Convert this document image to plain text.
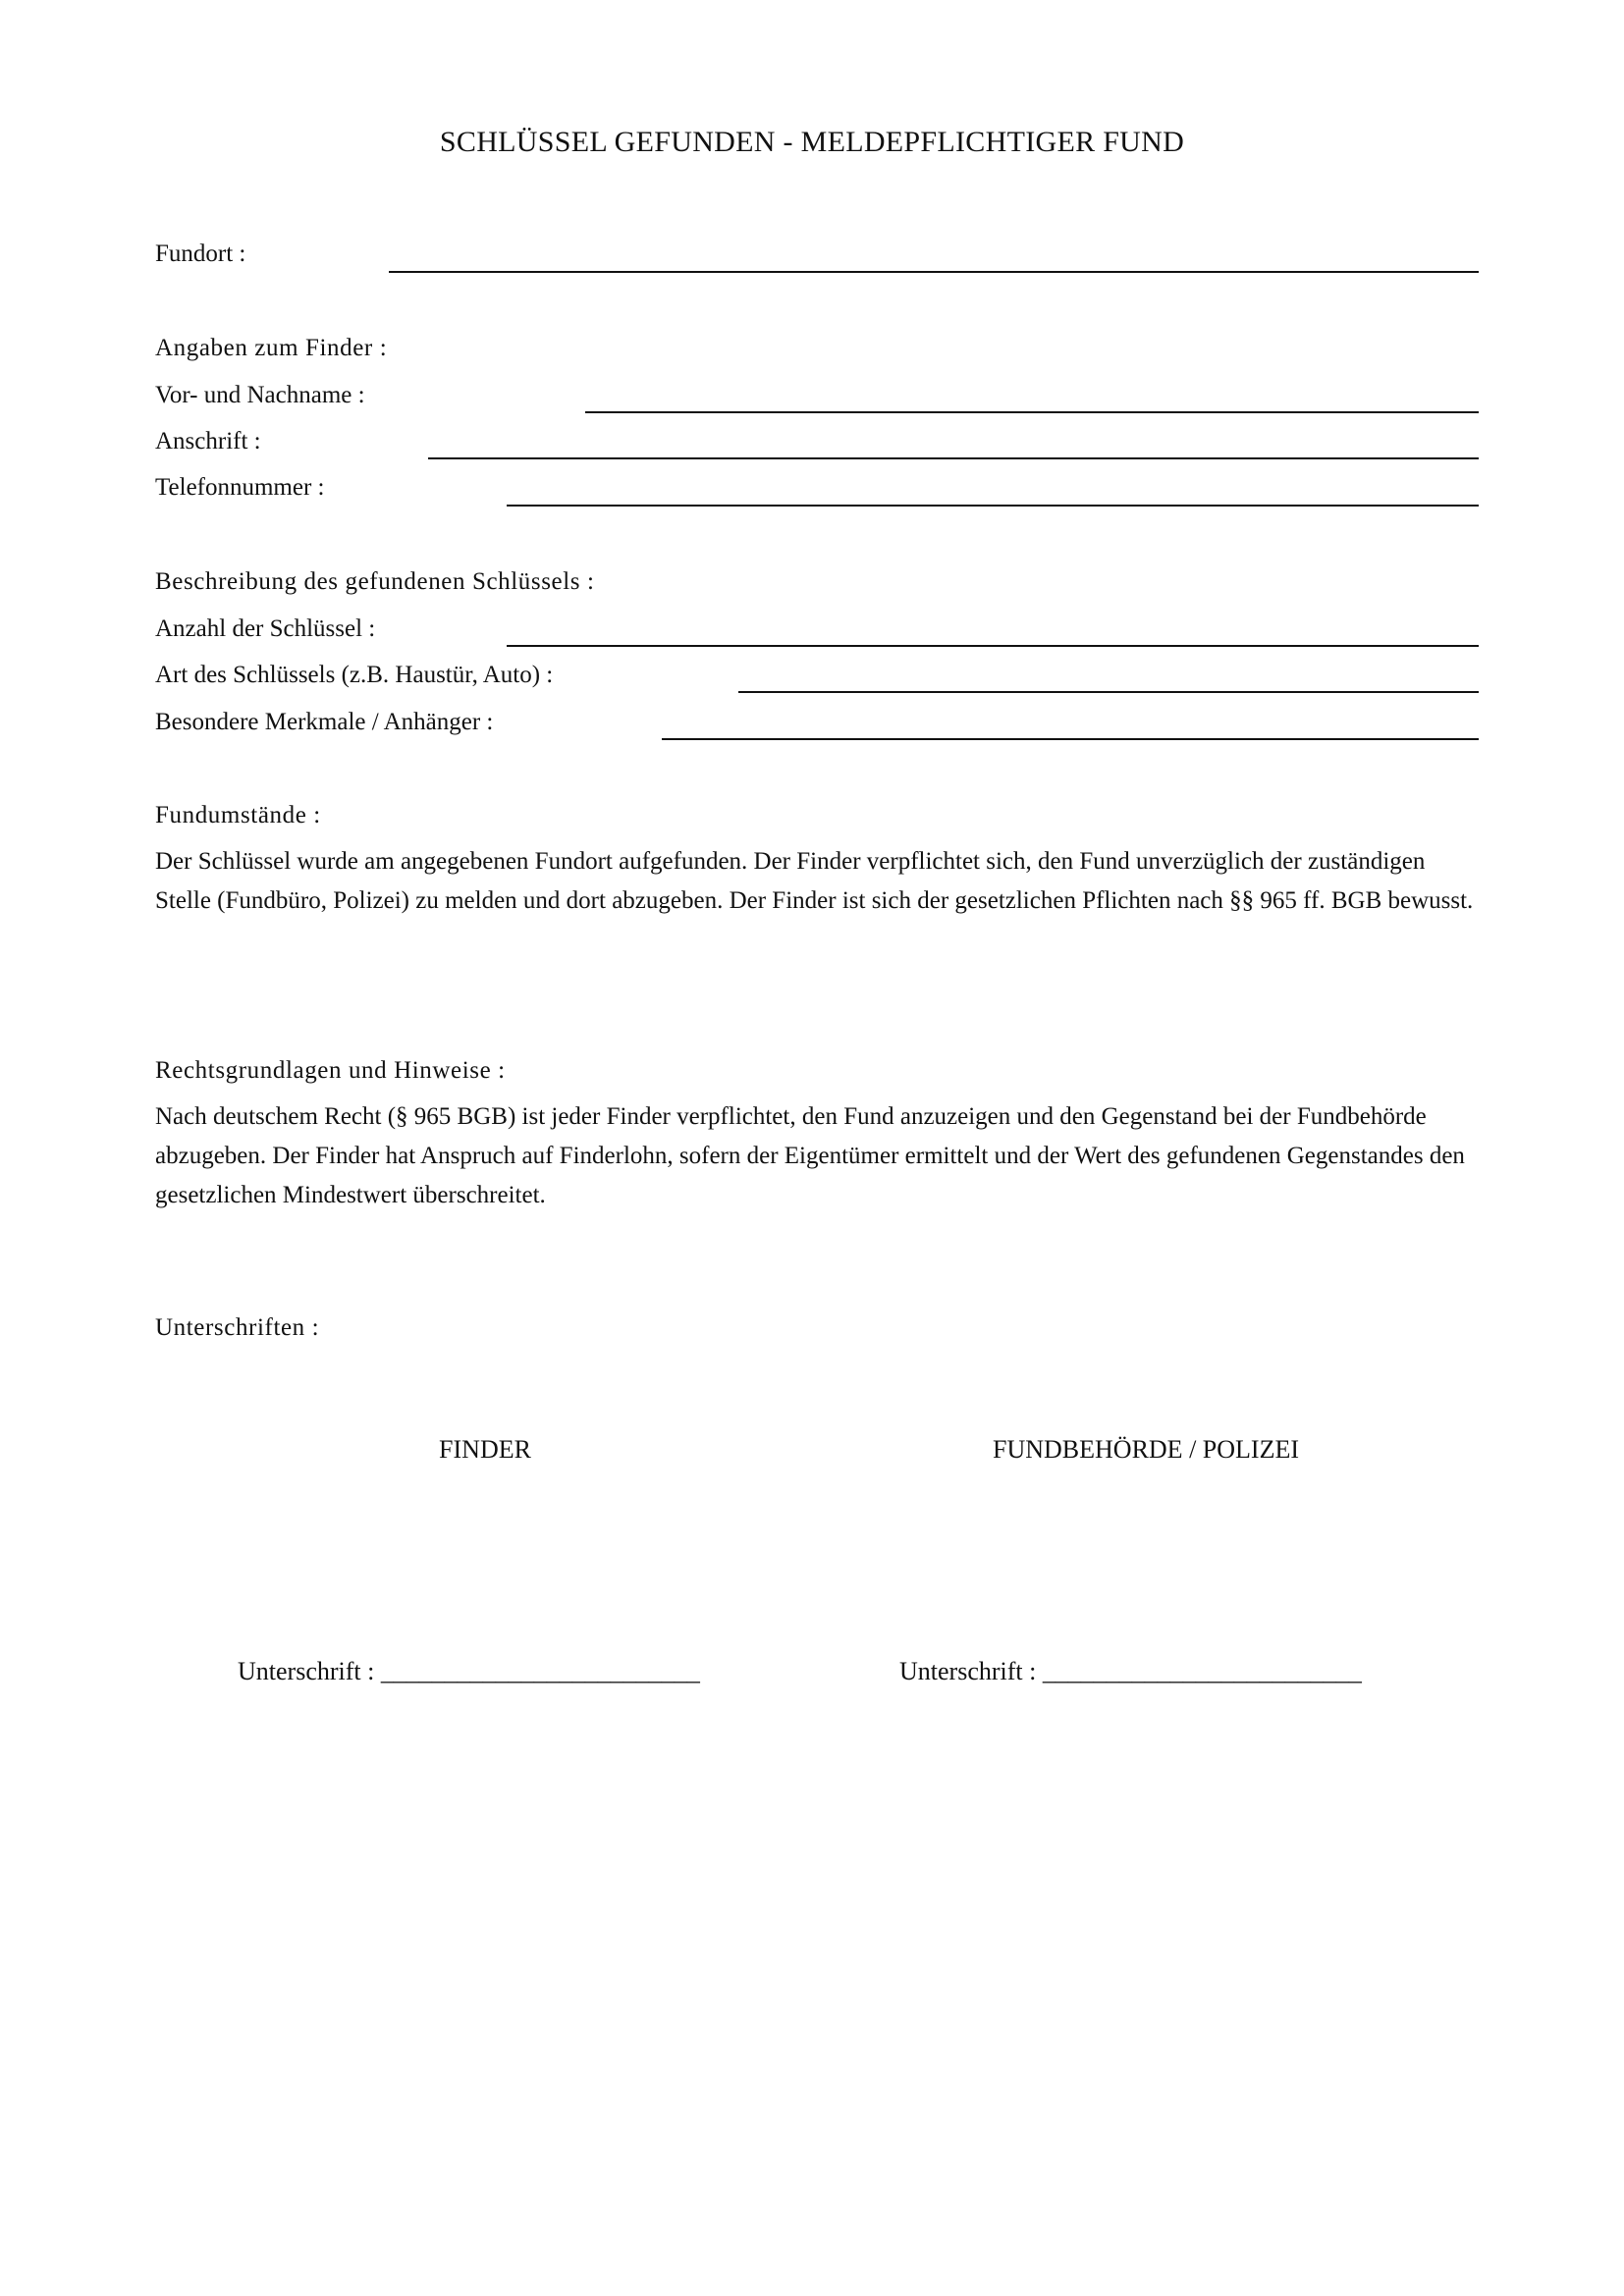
SCHLÜSSEL GEFUNDEN - MELDEPFLICHTIGER FUND
Fundort :
Angaben zum Finder :
Vor- und Nachname :
Anschrift :
Telefonnummer :
Beschreibung des gefundenen Schlüssels :
Anzahl der Schlüssel :
Art des Schlüssels (z.B. Haustür, Auto) :
Besondere Merkmale / Anhänger :
Fundumstände :
Der Schlüssel wurde am angegebenen Fundort aufgefunden. Der Finder verpflichtet sich, den Fund unverzüglich der zuständigen Stelle (Fundbüro, Polizei) zu melden und dort abzugeben. Der Finder ist sich der gesetzlichen Pflichten nach §§ 965 ff. BGB bewusst.
Rechtsgrundlagen und Hinweise :
Nach deutschem Recht (§ 965 BGB) ist jeder Finder verpflichtet, den Fund anzuzeigen und den Gegenstand bei der Fundbehörde abzugeben. Der Finder hat Anspruch auf Finderlohn, sofern der Eigentümer ermittelt und der Wert des gefundenen Gegenstandes den gesetzlichen Mindestwert überschreitet.
Unterschriften :
FINDER	FUNDBEHÖRDE / POLIZEI
Unterschrift : _________________________	Unterschrift : _________________________
